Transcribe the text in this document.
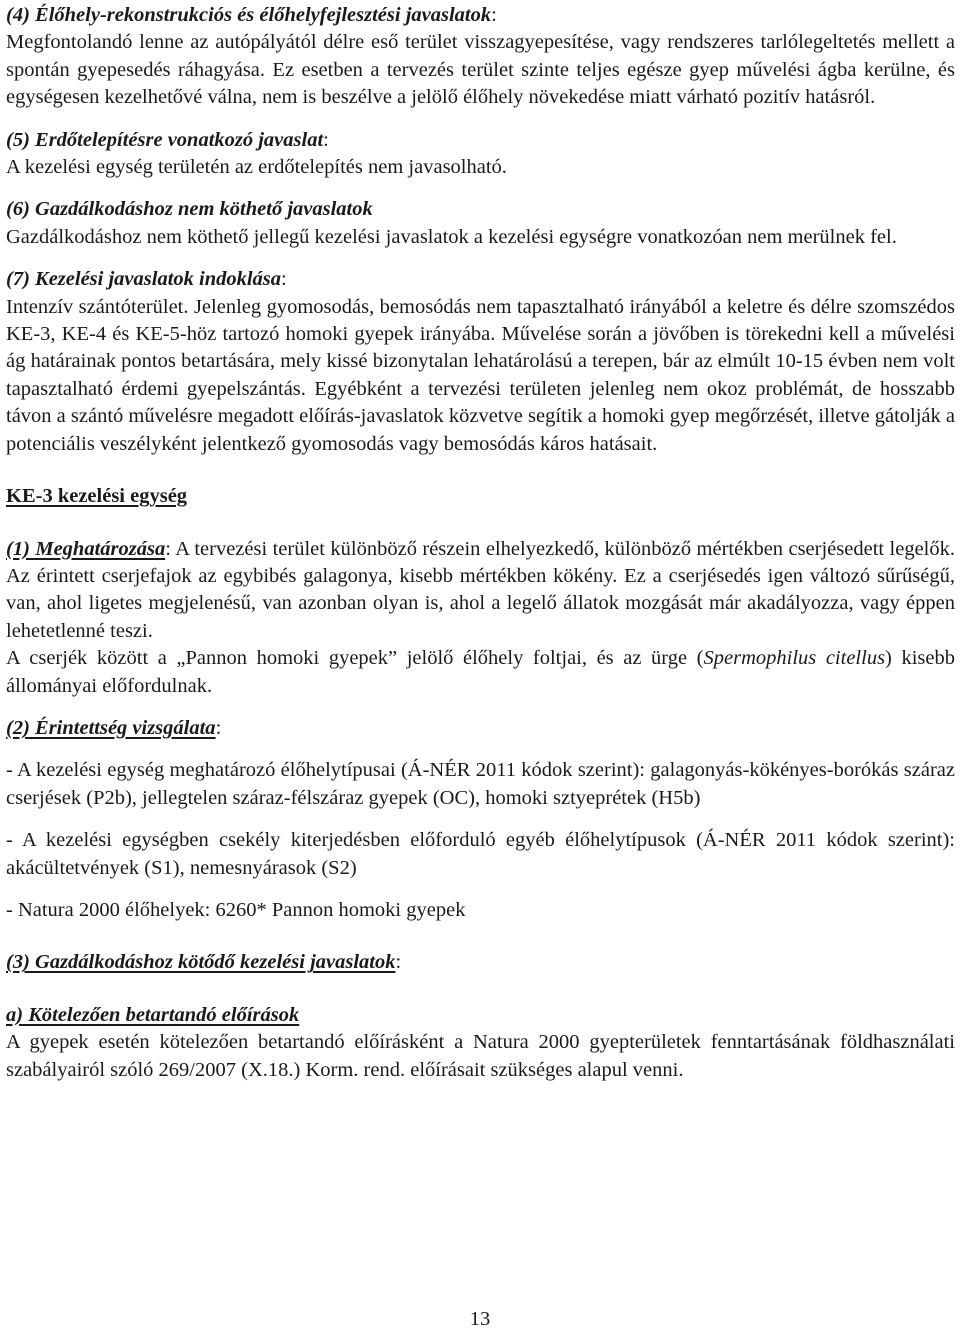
(4) Élőhely-rekonstrukciós és élőhelyfejlesztési javaslatok:

Megfontolandó lenne az autópályától délre eső terület visszagyepesítése, vagy rendszeres tarlólegeltetés mellett a spontán gyepesedés ráhagyása. Ez esetben a tervezés terület szinte teljes egésze gyep művelési ágba kerülne, és egységesen kezelhetővé válna, nem is beszélve a jelölő élőhely növekedése miatt várható pozitív hatásról.

(5) Erdőtelepítésre vonatkozó javaslat:

A kezelési egység területén az erdőtelepítés nem javasolható.

(6) Gazdálkodáshoz nem köthető javaslatok

Gazdálkodáshoz nem köthető jellegű kezelési javaslatok a kezelési egységre vonatkozóan nem merülnek fel.

(7) Kezelési javaslatok indoklása:

Intenzív szántóterület. Jelenleg gyomosodás, bemosódás nem tapasztalható irányából a keletre és délre szomszédos KE-3, KE-4 és KE-5-höz tartozó homoki gyepek irányába. Művelése során a jövőben is törekedni kell a művelési ág határainak pontos betartására, mely kissé bizonytalan lehatárolású a terepen, bár az elmúlt 10-15 évben nem volt tapasztalható érdemi gyepelszántás. Egyébként a tervezési területen jelenleg nem okoz problémát, de hosszabb távon a szántó művelésre megadott előírás-javaslatok közvetve segítik a homoki gyep megőrzését, illetve gátolják a potenciális veszélyként jelentkező gyomosodás vagy bemosódás káros hatásait.

KE-3 kezelési egység

(1) Meghatározása: A tervezési terület különböző részein elhelyezkedő, különböző mértékben cserjésedett legelők. Az érintett cserjefajok az egybibés galagonya, kisebb mértékben kökény. Ez a cserjésedés igen változó sűrűségű, van, ahol ligetes megjelenésű, van azonban olyan is, ahol a legelő állatok mozgását már akadályozza, vagy éppen lehetetlenné teszi.

A cserjék között a „Pannon homoki gyepek” jelölő élőhely foltjai, és az ürge (Spermophilus citellus) kisebb állományai előfordulnak.

(2) Érintettség vizsgálata:

- A kezelési egység meghatározó élőhelytípusai (Á-NÉR 2011 kódok szerint): galagonyás-kökényes-borókás száraz cserjések (P2b), jellegtelen száraz-félszáraz gyepek (OC), homoki sztyeprétek (H5b)

- A kezelési egységben csekély kiterjedésben előforduló egyéb élőhelytípusok (Á-NÉR 2011 kódok szerint): akácültetvények (S1), nemesnyárasok (S2)

- Natura 2000 élőhelyek: 6260* Pannon homoki gyepek

(3) Gazdálkodáshoz kötődő kezelési javaslatok:

a) Kötelezően betartandó előírások

A gyepek esetén kötelezően betartandó előírásként a Natura 2000 gyepterületek fenntartásának földhasználati szabályairól szóló 269/2007 (X.18.) Korm. rend. előírásait szükséges alapul venni.

13
